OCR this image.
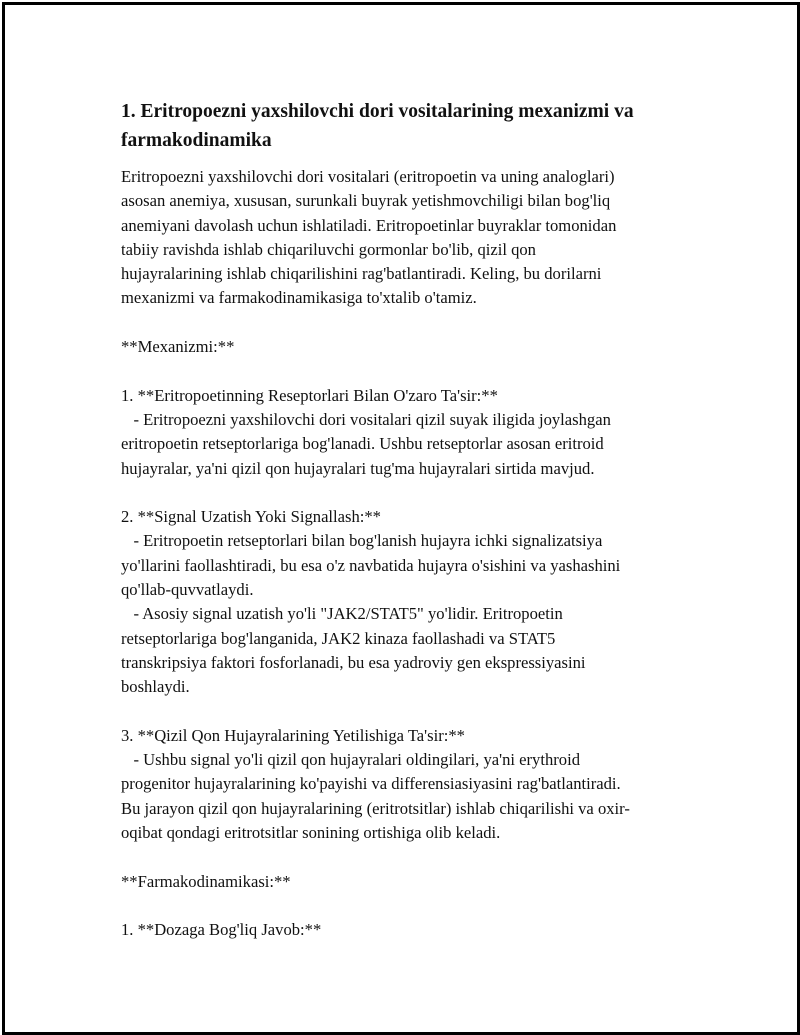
1. Eritropoezni yaxshilovchi dori vositalarining mexanizmi va
farmakodinamika

Eritropoezni yaxshilovchi dori vositalari (eritropoetin va uning analoglari)
asosan anemiya, xususan, surunkali buyrak yetishmovchiligi bilan bog'liq
anemiyani davolash uchun ishlatiladi. Eritropoetinlar buyraklar tomonidan
tabiiy ravishda ishlab chiqariluvchi gormonlar bo'lib, qizil qon
hujayralarining ishlab chiqarilishini rag'batlantiradi. Keling, bu dorilarni
mexanizmi va farmakodinamikasiga to'xtalib o'tamiz.

**Mexanizmi:**

1. **Eritropoetinning Reseptorlari Bilan O'zaro Ta'sir:**
- Eritropoezni yaxshilovchi dori vositalari qizil suyak iligida joylashgan
eritropoetin retseptorlariga bog'lanadi. Ushbu retseptorlar asosan eritroid
hujayralar, ya'ni qizil qon hujayralari tug'ma hujayralari sirtida mavjud.

2. **Signal Uzatish Yoki Signallash:**
- Eritropoetin retseptorlari bilan bog'lanish hujayra ichki signalizatsiya
yo'llarini faollashtiradi, bu esa o'z navbatida hujayra o'sishini va yashashini
qo'llab-quvvatlaydi.
- Asosiy signal uzatish yo'li "JAK2/STAT5" yo'lidir. Eritropoetin
retseptorlariga bog'langanida, JAK2 kinaza faollashadi va STAT5
transkripsiya faktori fosforlanadi, bu esa yadroviy gen ekspressiyasini
boshlaydi.

3. **Qizil Qon Hujayralarining Yetilishiga Ta'sir:**
- Ushbu signal yo'li qizil qon hujayralari oldingilari, ya'ni erythroid
progenitor hujayralarining ko'payishi va differensiasiyasini rag'batlantiradi.
Bu jarayon qizil qon hujayralarining (eritrotsitlar) ishlab chiqarilishi va oxir-
oqibat qondagi eritrotsitlar sonining ortishiga olib keladi.

**Farmakodinamikasi:**

1. **Dozaga Bog'liq Javob:**
